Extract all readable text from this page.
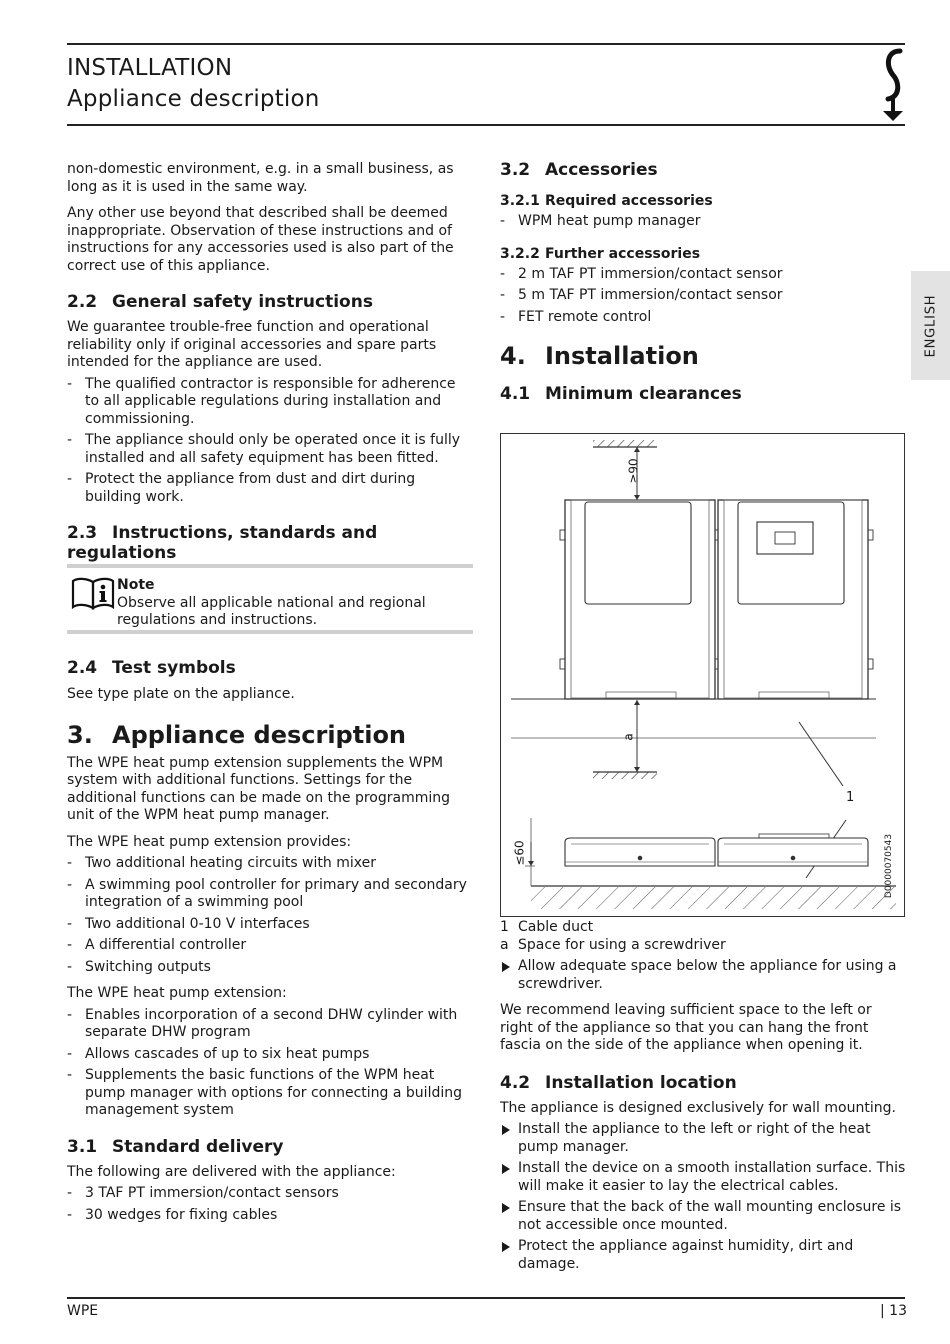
INSTALLATION
Appliance description
ENGLISH

non-domestic environment, e.g. in a small business, as long as it is used in the same way.

Any other use beyond that described shall be deemed inappropriate. Observation of these instructions and of instructions for any accessories used is also part of the correct use of this appliance.

2.2 General safety instructions

We guarantee trouble-free function and operational reliability only if original accessories and spare parts intended for the appliance are used.

- The qualified contractor is responsible for adherence to all applicable regulations during installation and commissioning.
- The appliance should only be operated once it is fully installed and all safety equipment has been fitted.
- Protect the appliance from dust and dirt during building work.
2.3 Instructions, standards and regulations
Note
Observe all applicable national and regional regulations and instructions.
2.4 Test symbols

See type plate on the appliance.

3. Appliance description

The WPE heat pump extension supplements the WPM system with additional functions. Settings for the additional functions can be made on the programming unit of the WPM heat pump manager.

The WPE heat pump extension provides:

- Two additional heating circuits with mixer
- A swimming pool controller for primary and secondary integration of a swimming pool
- Two additional 0-10 V interfaces
- A differential controller
- Switching outputs

The WPE heat pump extension:

- Enables incorporation of a second DHW cylinder with separate DHW program
- Allows cascades of up to six heat pumps
- Supplements the basic functions of the WPM heat pump manager with options for connecting a building management system
3.1 Standard delivery

The following are delivered with the appliance:

- 3 TAF PT immersion/contact sensors
- 30 wedges for fixing cables
3.2 Accessories
3.2.1 Required accessories
- WPM heat pump manager
3.2.2 Further accessories
- 2 m TAF PT immersion/contact sensor
- 5 m TAF PT immersion/contact sensor
- FET remote control
4. Installation
4.1 Minimum clearances
≥90
a
1
≤60	D0000070543
1 Cable duct
a Space for using a screwdriver
Allow adequate space below the appliance for using a screwdriver.

We recommend leaving sufficient space to the left or right of the appliance so that you can hang the front fascia on the side of the appliance when opening it.

4.2 Installation location

The appliance is designed exclusively for wall mounting.

Install the appliance to the left or right of the heat pump manager.
Install the device on a smooth installation surface. This will make it easier to lay the electrical cables.
Ensure that the back of the wall mounting enclosure is not accessible once mounted.
Protect the appliance against humidity, dirt and damage.
WPE	| 13
